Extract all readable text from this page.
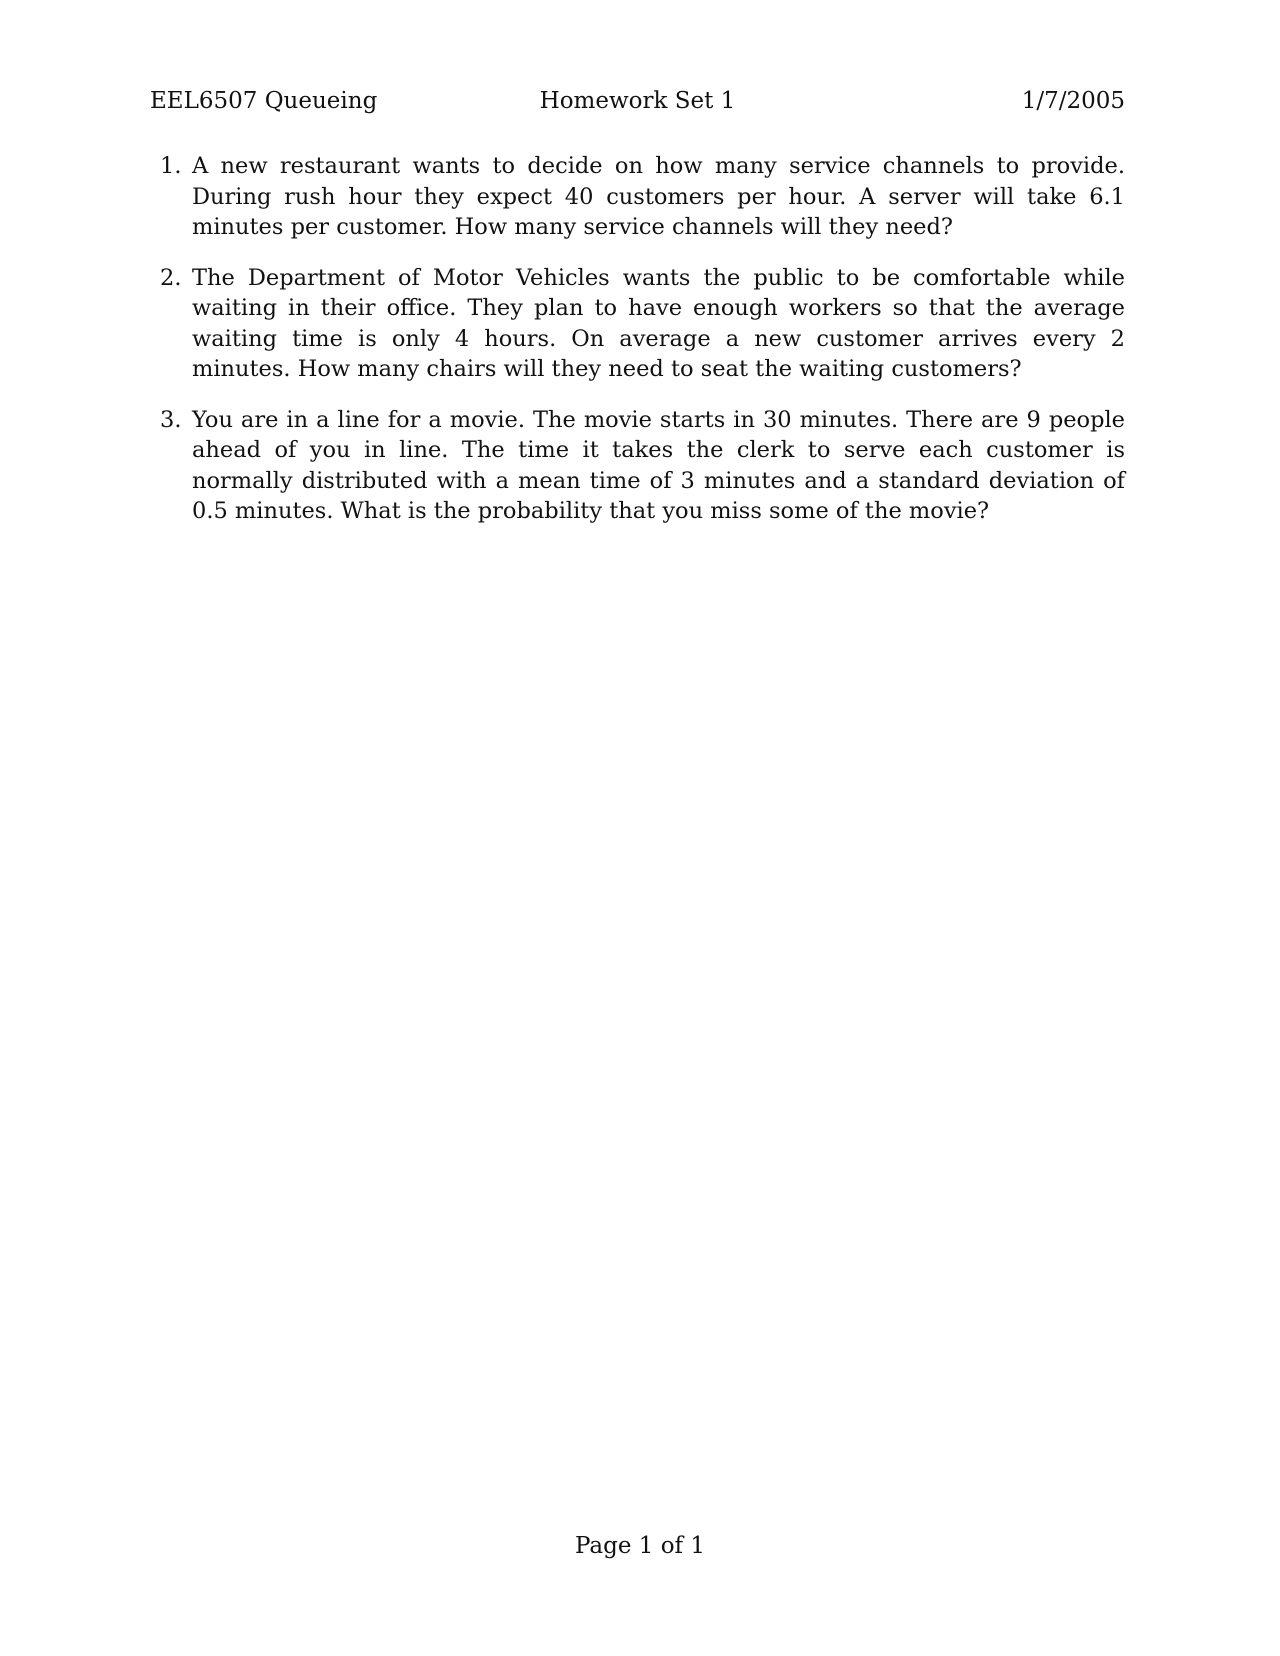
EEL6507 Queueing	Homework Set 1	1/7/2005
1. A new restaurant wants to decide on how many service channels to provide. During rush hour they expect 40 customers per hour. A server will take 6.1 minutes per customer. How many service channels will they need?
2. The Department of Motor Vehicles wants the public to be comfortable while waiting in their office. They plan to have enough workers so that the average waiting time is only 4 hours. On average a new customer arrives every 2 minutes. How many chairs will they need to seat the waiting customers?
3. You are in a line for a movie. The movie starts in 30 minutes. There are 9 people ahead of you in line. The time it takes the clerk to serve each customer is normally distributed with a mean time of 3 minutes and a standard deviation of 0.5 minutes. What is the probability that you miss some of the movie?
Page 1 of 1
